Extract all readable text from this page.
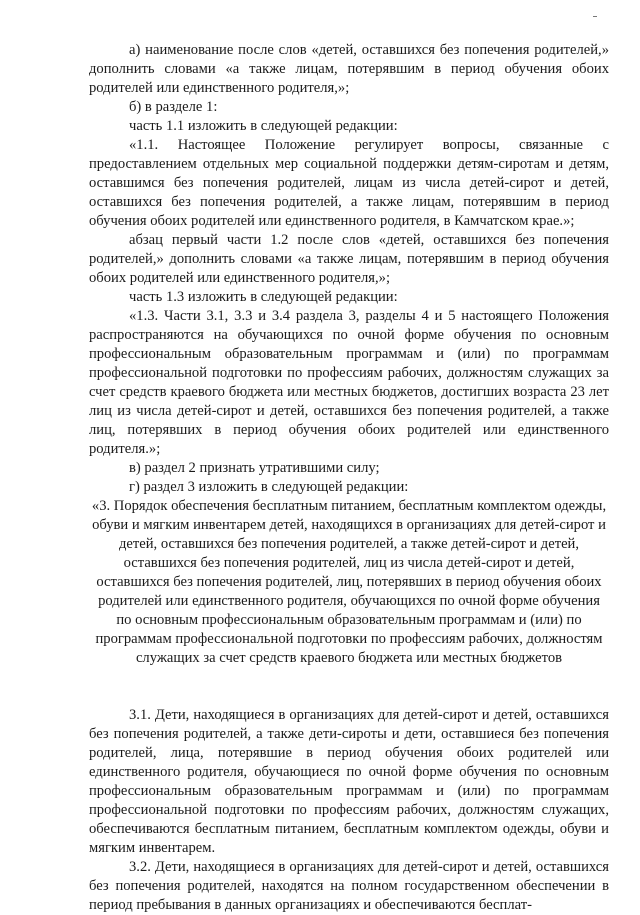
а) наименование после слов «детей, оставшихся без попечения родителей,» дополнить словами «а также лицам, потерявшим в период обучения обоих родителей или единственного родителя,»;

б) в разделе 1:

часть 1.1 изложить в следующей редакции:

«1.1. Настоящее Положение регулирует вопросы, связанные с предоставлением отдельных мер социальной поддержки детям-сиротам и детям, оставшимся без попечения родителей, лицам из числа детей-сирот и детей, оставшихся без попечения родителей, а также лицам, потерявшим в период обучения обоих родителей или единственного родителя, в Камчатском крае.»;

абзац первый части 1.2 после слов «детей, оставшихся без попечения родителей,» дополнить словами «а также лицам, потерявшим в период обучения обоих родителей или единственного родителя,»;

часть 1.3 изложить в следующей редакции:

«1.3. Части 3.1, 3.3 и 3.4 раздела 3, разделы 4 и 5 настоящего Положения распространяются на обучающихся по очной форме обучения по основным профессиональным образовательным программам и (или) по программам профессиональной подготовки по профессиям рабочих, должностям служащих за счет средств краевого бюджета или местных бюджетов, достигших возраста 23 лет лиц из числа детей-сирот и детей, оставшихся без попечения родителей, а также лиц, потерявших в период обучения обоих родителей или единственного родителя.»;

в) раздел 2 признать утратившими силу;

г) раздел 3 изложить в следующей редакции:

«3. Порядок обеспечения бесплатным питанием, бесплатным комплектом одежды, обуви и мягким инвентарем детей, находящихся в организациях для детей-сирот и детей, оставшихся без попечения родителей, а также детей-сирот и детей, оставшихся без попечения родителей, лиц из числа детей-сирот и детей, оставшихся без попечения родителей, лиц, потерявших в период обучения обоих родителей или единственного родителя, обучающихся по очной форме обучения по основным профессиональным образовательным программам и (или) по программам профессиональной подготовки по профессиям рабочих, должностям служащих за счет средств краевого бюджета или местных бюджетов

3.1. Дети, находящиеся в организациях для детей-сирот и детей, оставшихся без попечения родителей, а также дети-сироты и дети, оставшиеся без попечения родителей, лица, потерявшие в период обучения обоих родителей или единственного родителя, обучающиеся по очной форме обучения по основным профессиональным образовательным программам и (или) по программам профессиональной подготовки по профессиям рабочих, должностям служащих, обеспечиваются бесплатным питанием, бесплатным комплектом одежды, обуви и мягким инвентарем.

3.2. Дети, находящиеся в организациях для детей-сирот и детей, оставшихся без попечения родителей, находятся на полном государственном обеспечении в период пребывания в данных организациях и обеспечиваются бесплат-
